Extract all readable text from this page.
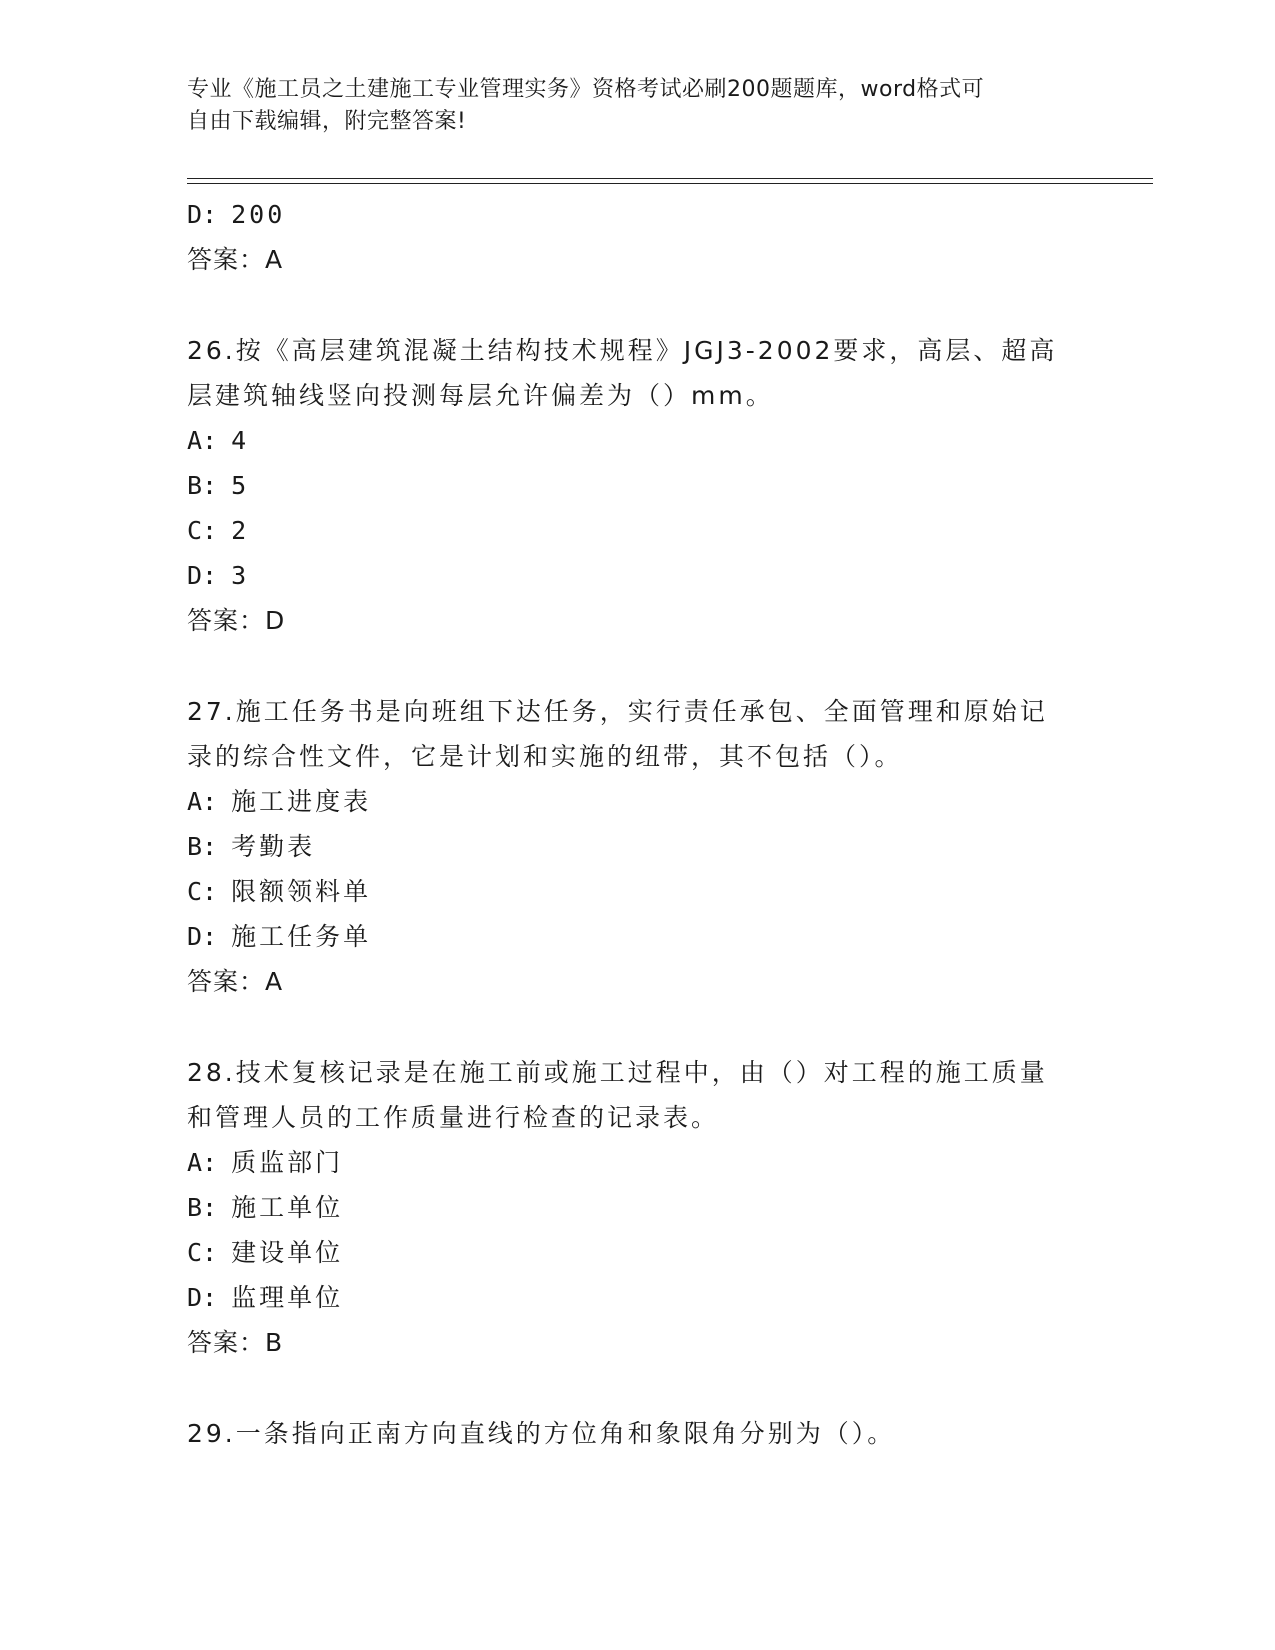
专业《施工员之土建施工专业管理实务》资格考试必刷200题题库，word格式可
自由下载编辑，附完整答案!
D: 200
答案：A
26.按《高层建筑混凝土结构技术规程》JGJ3-2002要求，高层、超高
层建筑轴线竖向投测每层允许偏差为（）mm。
A: 4
B: 5
C: 2
D: 3
答案：D
27.施工任务书是向班组下达任务，实行责任承包、全面管理和原始记
录的综合性文件，它是计划和实施的纽带，其不包括（）。
A: 施工进度表
B: 考勤表
C: 限额领料单
D: 施工任务单
答案：A
28.技术复核记录是在施工前或施工过程中，由（）对工程的施工质量
和管理人员的工作质量进行检查的记录表。
A: 质监部门
B: 施工单位
C: 建设单位
D: 监理单位
答案：B
29.一条指向正南方向直线的方位角和象限角分别为（）。
